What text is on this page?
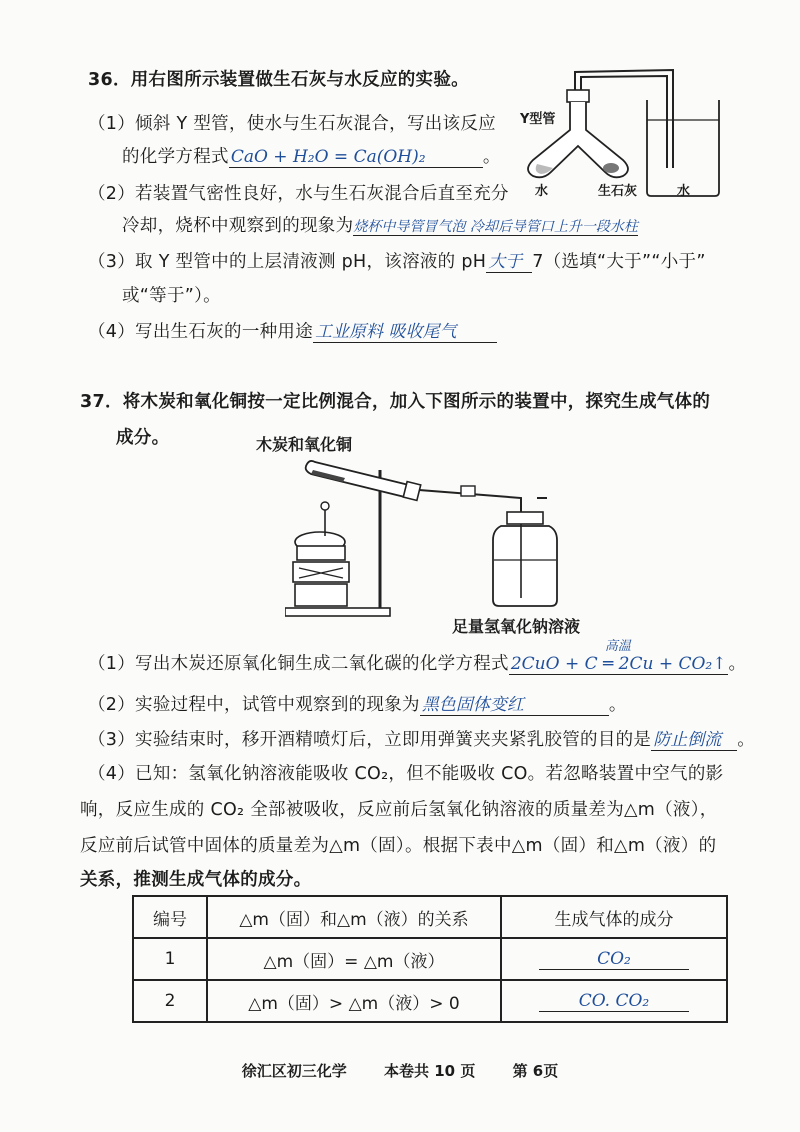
36．用右图所示装置做生石灰与水反应的实验。
（1）倾斜 Y 型管，使水与生石灰混合，写出该反应
的化学方程式 CaO + H₂O = Ca(OH)₂	。
（2）若装置气密性良好，水与生石灰混合后直至充分
冷却，烧杯中观察到的现象为烧杯中导管冒气泡 冷却后导管口上升一段水柱
（3）取 Y 型管中的上层清液测 pH，该溶液的 pH 大于 7（选填“大于”“小于”
或“等于”）。
（4）写出生石灰的一种用途 工业原料 吸收尾气
Y型管
水	生石灰	水
37．将木炭和氧化铜按一定比例混合，加入下图所示的装置中，探究生成气体的
成分。	木炭和氧化铜
足量氢氧化钠溶液
（1）写出木炭还原氧化铜生成二氧化碳的化学方程式 2CuO + C ═ 2Cu + CO₂↑
高温
。
（2）实验过程中，试管中观察到的现象为 黑色固体变红	。
（3）实验结束时，移开酒精喷灯后，立即用弹簧夹夹紧乳胶管的目的是 防止倒流 。
（4）已知：氢氧化钠溶液能吸收 CO₂，但不能吸收 CO。若忽略装置中空气的影
响，反应生成的 CO₂ 全部被吸收，反应前后氢氧化钠溶液的质量差为△m（液），
反应前后试管中固体的质量差为△m（固）。根据下表中△m（固）和△m（液）的
关系，推测生成气体的成分。
编号	△m（固）和△m（液）的关系	生成气体的成分
1	△m（固）= △m（液）	CO₂
2	△m（固）> △m（液）> 0	CO. CO₂
徐汇区初三化学 本卷共 10 页 第 6页
